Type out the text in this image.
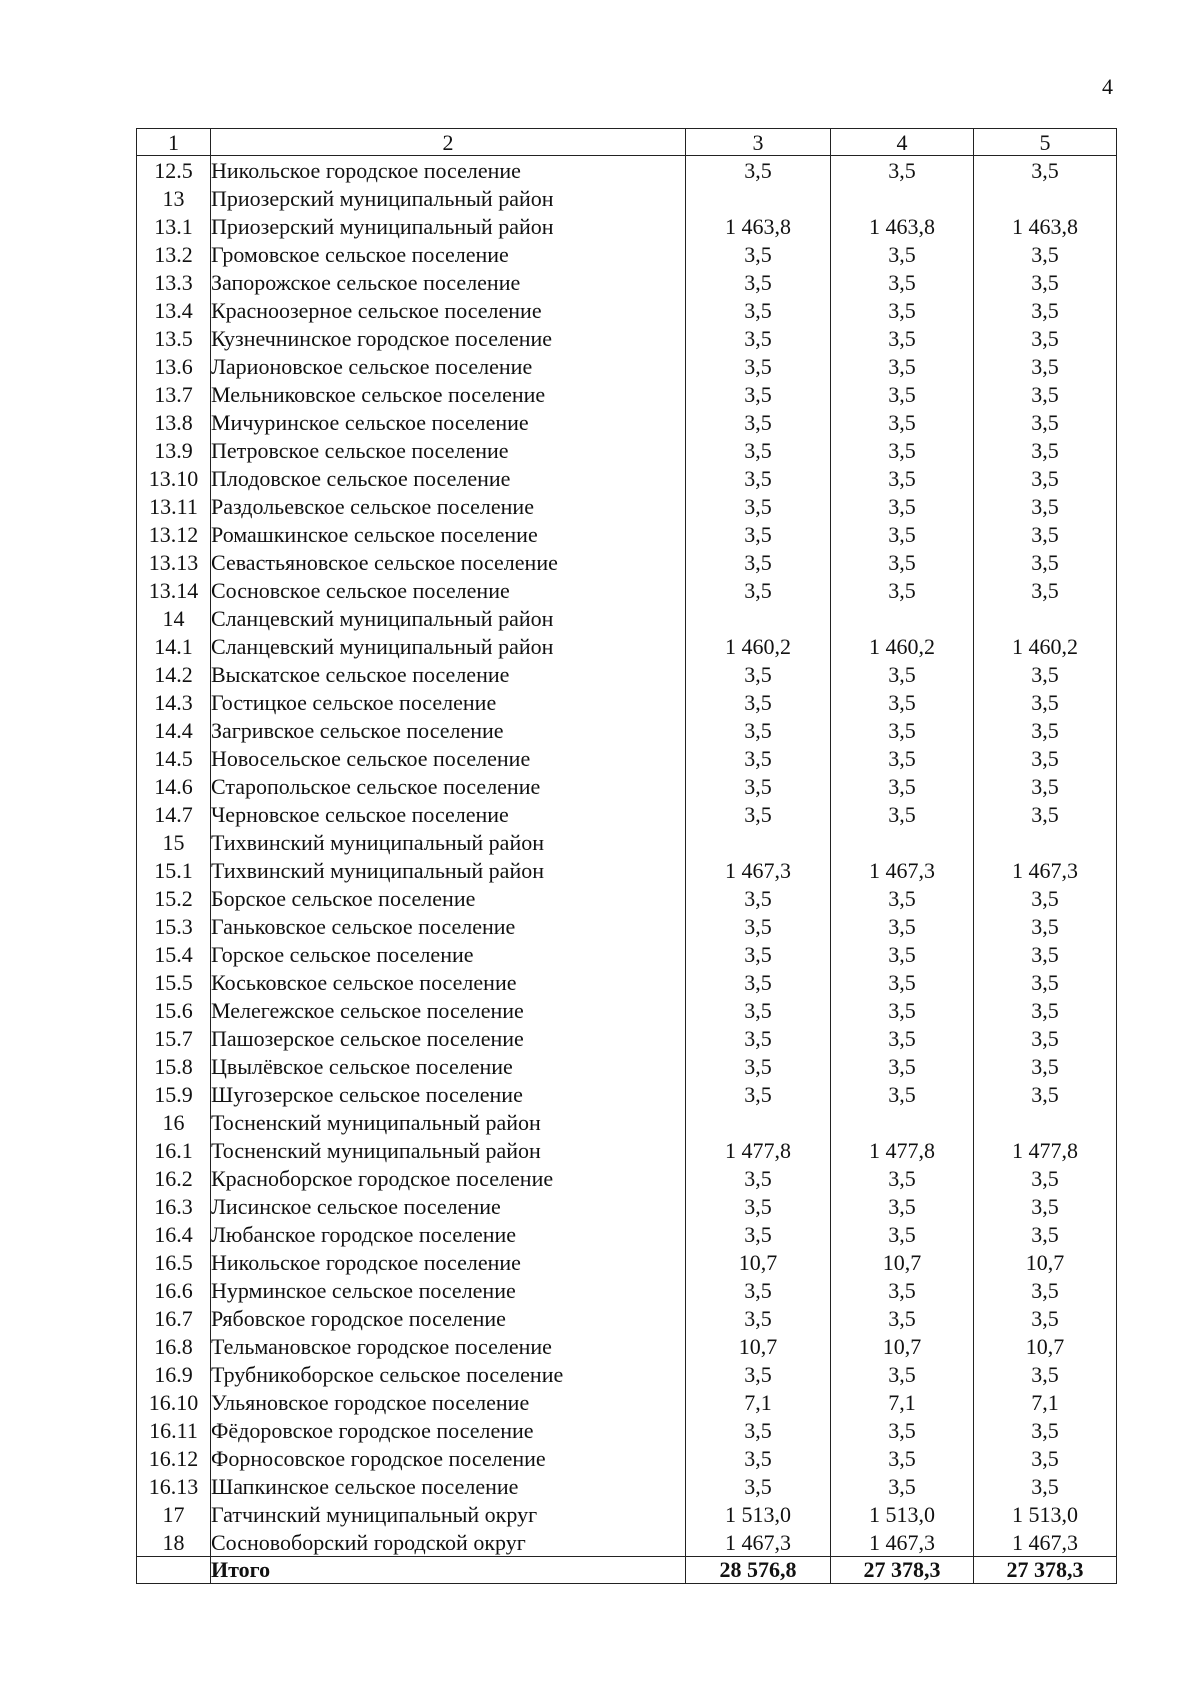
4
1	2	3	4	5
12.5	Никольское городское поселение	3,5	3,5	3,5
13	Приозерский муниципальный район			
13.1	Приозерский муниципальный район	1 463,8	1 463,8	1 463,8
13.2	Громовское сельское поселение	3,5	3,5	3,5
13.3	Запорожское сельское поселение	3,5	3,5	3,5
13.4	Красноозерное сельское поселение	3,5	3,5	3,5
13.5	Кузнечнинское городское поселение	3,5	3,5	3,5
13.6	Ларионовское сельское поселение	3,5	3,5	3,5
13.7	Мельниковское сельское поселение	3,5	3,5	3,5
13.8	Мичуринское сельское поселение	3,5	3,5	3,5
13.9	Петровское сельское поселение	3,5	3,5	3,5
13.10	Плодовское сельское поселение	3,5	3,5	3,5
13.11	Раздольевское сельское поселение	3,5	3,5	3,5
13.12	Ромашкинское сельское поселение	3,5	3,5	3,5
13.13	Севастьяновское сельское поселение	3,5	3,5	3,5
13.14	Сосновское сельское поселение	3,5	3,5	3,5
14	Сланцевский муниципальный район			
14.1	Сланцевский муниципальный район	1 460,2	1 460,2	1 460,2
14.2	Выскатское сельское поселение	3,5	3,5	3,5
14.3	Гостицкое сельское поселение	3,5	3,5	3,5
14.4	Загривское сельское поселение	3,5	3,5	3,5
14.5	Новосельское сельское поселение	3,5	3,5	3,5
14.6	Старопольское сельское поселение	3,5	3,5	3,5
14.7	Черновское сельское поселение	3,5	3,5	3,5
15	Тихвинский муниципальный район			
15.1	Тихвинский муниципальный район	1 467,3	1 467,3	1 467,3
15.2	Борское сельское поселение	3,5	3,5	3,5
15.3	Ганьковское сельское поселение	3,5	3,5	3,5
15.4	Горское сельское поселение	3,5	3,5	3,5
15.5	Коськовское сельское поселение	3,5	3,5	3,5
15.6	Мелегежское сельское поселение	3,5	3,5	3,5
15.7	Пашозерское сельское поселение	3,5	3,5	3,5
15.8	Цвылёвское сельское поселение	3,5	3,5	3,5
15.9	Шугозерское сельское поселение	3,5	3,5	3,5
16	Тосненский муниципальный район			
16.1	Тосненский муниципальный район	1 477,8	1 477,8	1 477,8
16.2	Красноборское городское поселение	3,5	3,5	3,5
16.3	Лисинское сельское поселение	3,5	3,5	3,5
16.4	Любанское городское поселение	3,5	3,5	3,5
16.5	Никольское городское поселение	10,7	10,7	10,7
16.6	Нурминское сельское поселение	3,5	3,5	3,5
16.7	Рябовское городское поселение	3,5	3,5	3,5
16.8	Тельмановское городское поселение	10,7	10,7	10,7
16.9	Трубникоборское сельское поселение	3,5	3,5	3,5
16.10	Ульяновское городское поселение	7,1	7,1	7,1
16.11	Фёдоровское городское поселение	3,5	3,5	3,5
16.12	Форносовское городское поселение	3,5	3,5	3,5
16.13	Шапкинское сельское поселение	3,5	3,5	3,5
17	Гатчинский муниципальный округ	1 513,0	1 513,0	1 513,0
18	Сосновоборский городской округ	1 467,3	1 467,3	1 467,3
	Итого	28 576,8	27 378,3	27 378,3
